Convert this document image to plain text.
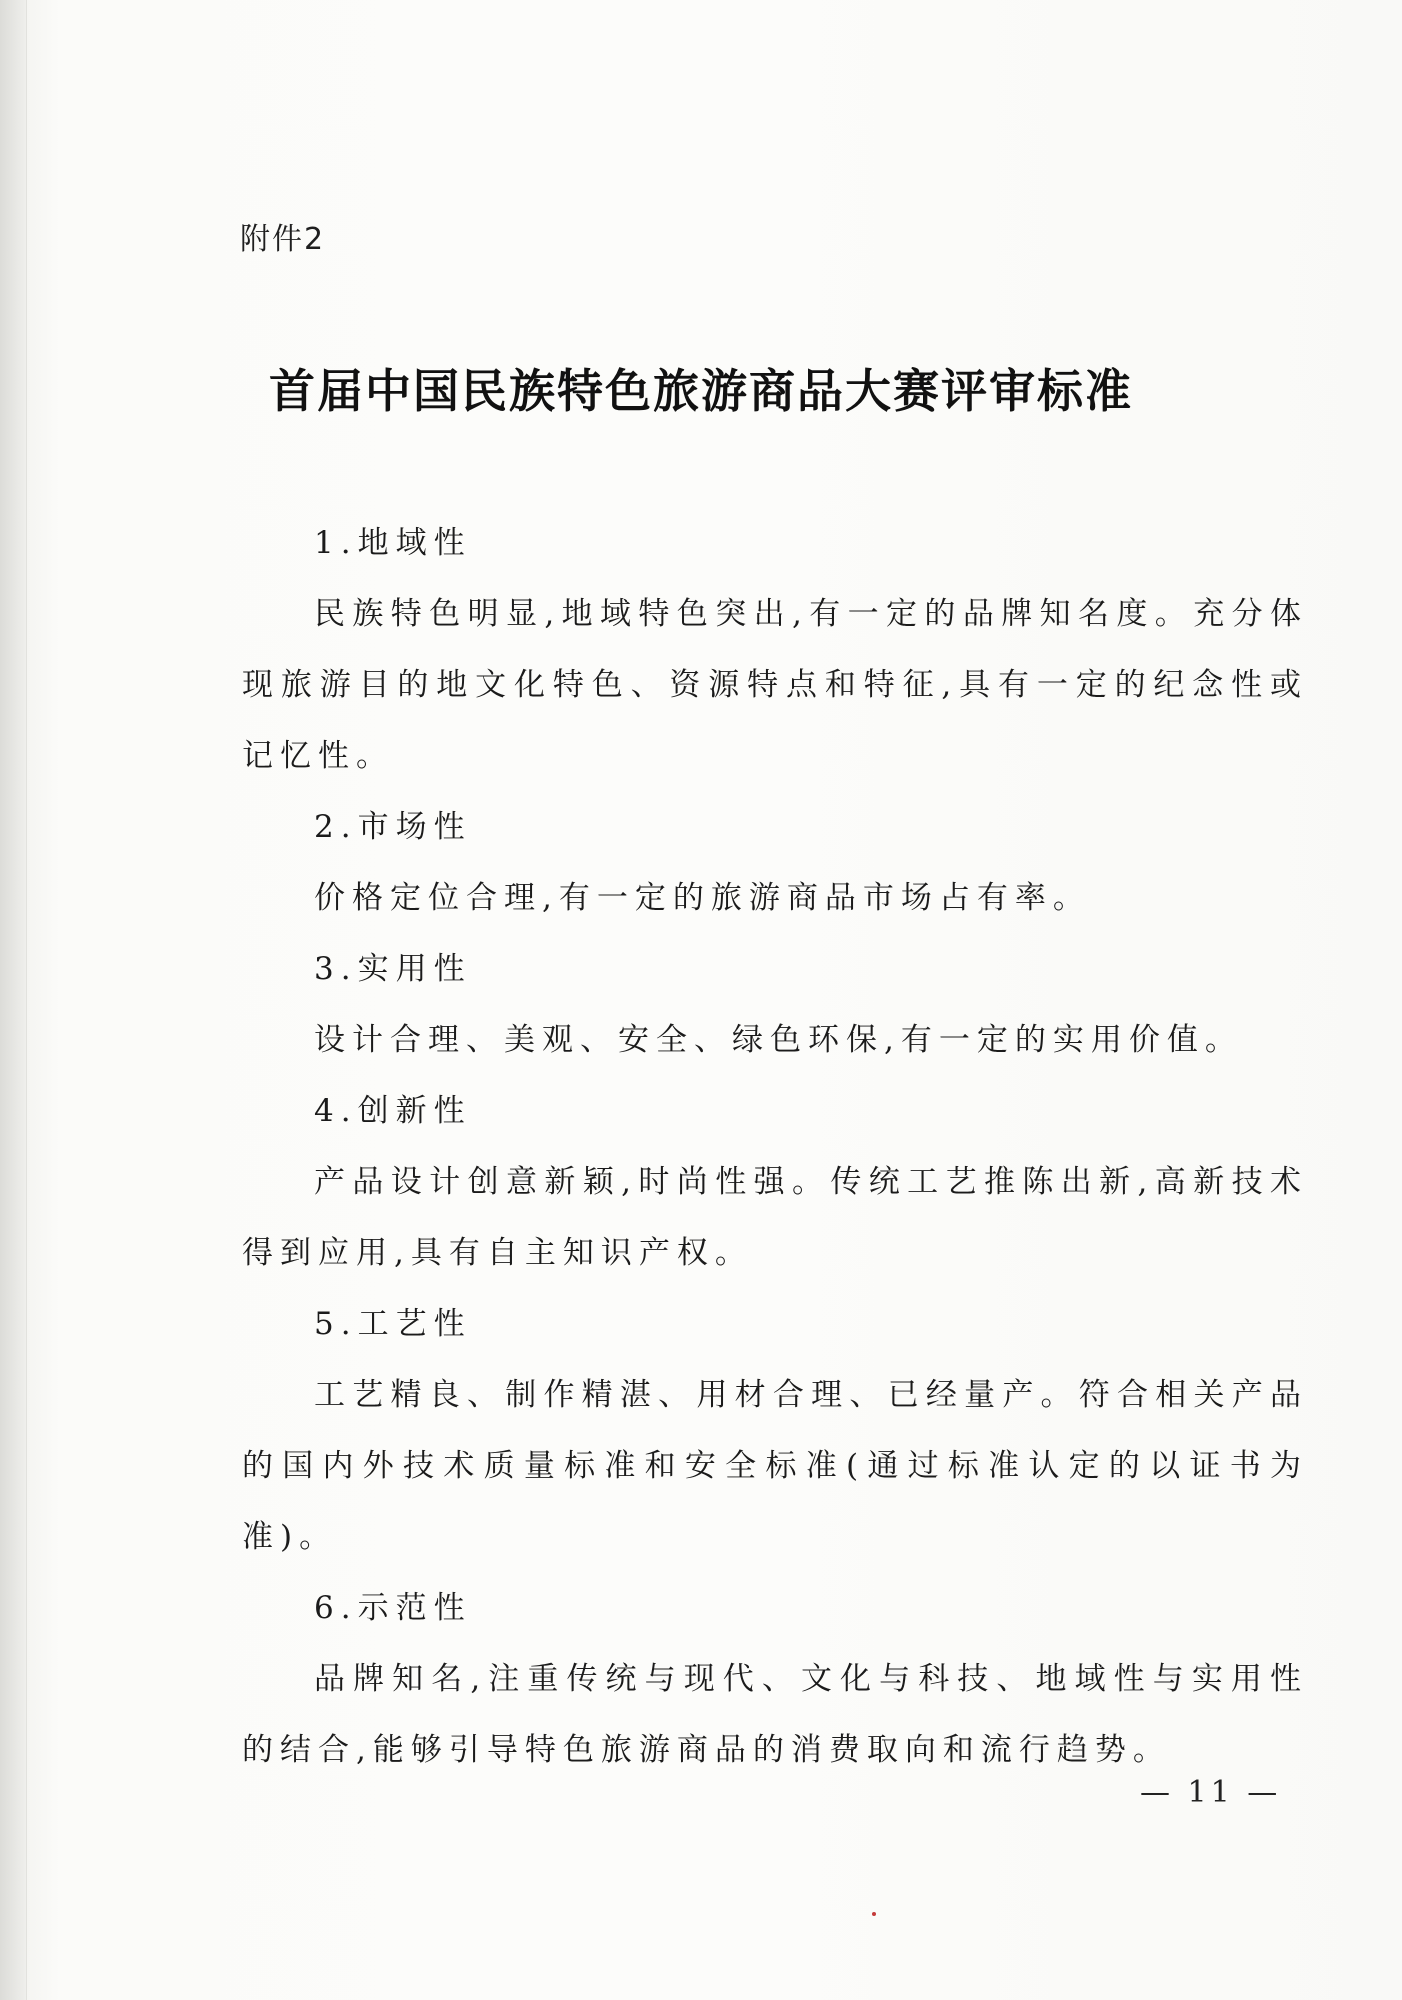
附件2
首届中国民族特色旅游商品大赛评审标准

1.地域性

民族特色明显,地域特色突出,有一定的品牌知名度。充分体现旅游目的地文化特色、资源特点和特征,具有一定的纪念性或记忆性。

2.市场性

价格定位合理,有一定的旅游商品市场占有率。

3.实用性

设计合理、美观、安全、绿色环保,有一定的实用价值。

4.创新性

产品设计创意新颖,时尚性强。传统工艺推陈出新,高新技术得到应用,具有自主知识产权。

5.工艺性

工艺精良、制作精湛、用材合理、已经量产。符合相关产品的国内外技术质量标准和安全标准(通过标准认定的以证书为准)。

6.示范性

品牌知名,注重传统与现代、文化与科技、地域性与实用性的结合,能够引导特色旅游商品的消费取向和流行趋势。

— 11 —
